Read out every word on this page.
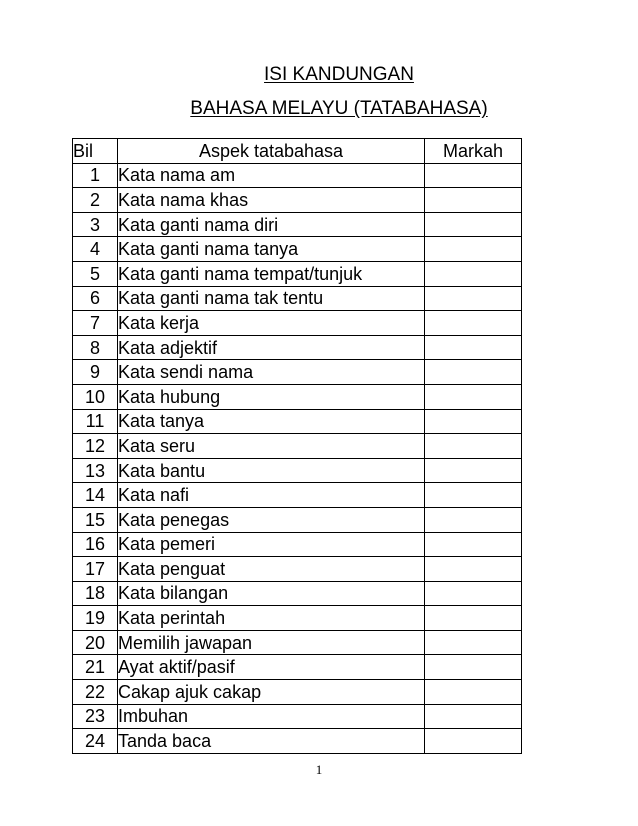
ISI KANDUNGAN
BAHASA MELAYU (TATABAHASA)
Bil	Aspek tatabahasa	Markah
1	Kata nama am	
2	Kata nama khas	
3	Kata ganti nama diri	
4	Kata ganti nama tanya	
5	Kata ganti nama tempat/tunjuk	
6	Kata ganti nama tak tentu	
7	Kata kerja	
8	Kata adjektif	
9	Kata sendi nama	
10	Kata hubung	
11	Kata tanya	
12	Kata seru	
13	Kata bantu	
14	Kata nafi	
15	Kata penegas	
16	Kata pemeri	
17	Kata penguat	
18	Kata bilangan	
19	Kata perintah	
20	Memilih jawapan	
21	Ayat aktif/pasif	
22	Cakap ajuk cakap	
23	Imbuhan	
24	Tanda baca	
1
